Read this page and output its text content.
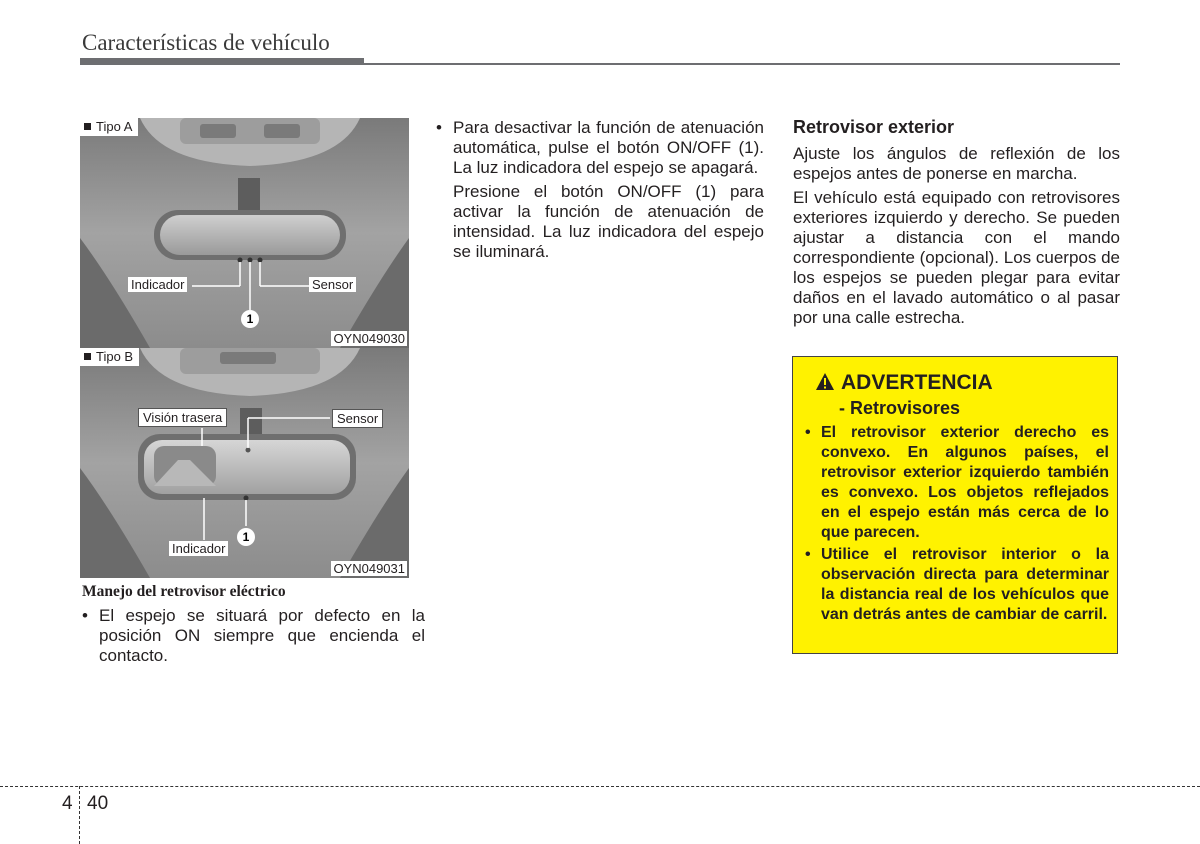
Características de vehículo
Tipo A
Indicador	Sensor
1
OYN049030
Tipo B
Visión trasera	Sensor
Indicador
1
OYN049031
Manejo del retrovisor eléctrico
• El espejo se situará por defecto en la posición ON siempre que encienda el contacto.
• Para desactivar la función de atenuación automática, pulse el botón ON/OFF (1). La luz indicadora del espejo se apagará.
Presione el botón ON/OFF (1) para activar la función de atenuación de intensidad. La luz indicadora del espejo se iluminará.
Retrovisor exterior

Ajuste los ángulos de reflexión de los espejos antes de ponerse en marcha.

El vehículo está equipado con retrovisores exteriores izquierdo y derecho. Se pueden ajustar a distancia con el mando correspondiente (opcional). Los cuerpos de los espejos se pueden plegar para evitar daños en el lavado automático o al pasar por una calle estrecha.

ADVERTENCIA
- Retrovisores
• El retrovisor exterior derecho es convexo. En algunos países, el retrovisor exterior izquierdo también es convexo. Los objetos reflejados en el espejo están más cerca de lo que parecen.
• Utilice el retrovisor interior o la observación directa para determinar la distancia real de los vehículos que van detrás antes de cambiar de carril.
4 40
